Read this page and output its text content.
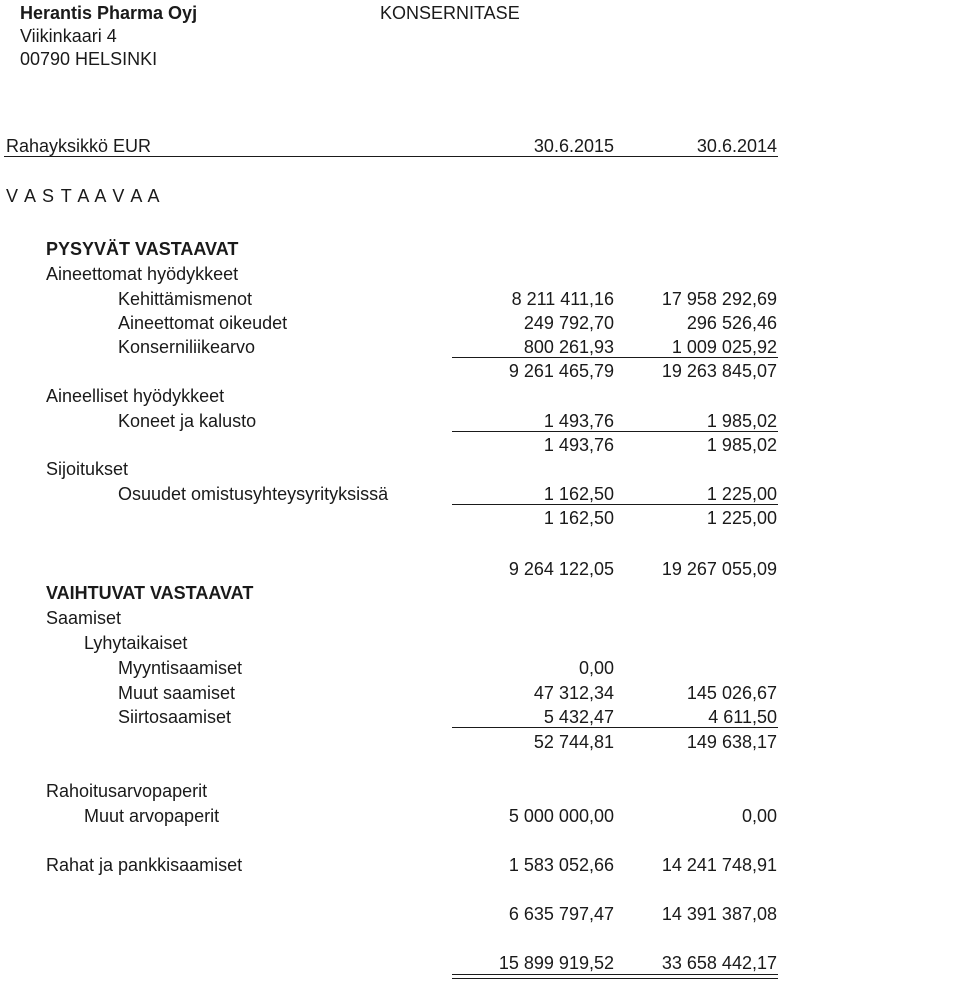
Herantis Pharma Oyj
Viikinkaari 4
00790 HELSINKI
KONSERNITASE
Rahayksikkö EUR	30.6.2015	30.6.2014
V A S T A A V A A
PYSYVÄT VASTAAVAT
Aineettomat hyödykkeet
Kehittämismenot	8 211 411,16	17 958 292,69
Aineettomat oikeudet	249 792,70	296 526,46
Konserniliikearvo	800 261,93	1 009 025,92
9 261 465,79	19 263 845,07
Aineelliset hyödykkeet
Koneet ja kalusto	1 493,76	1 985,02
1 493,76	1 985,02
Sijoitukset
Osuudet omistusyhteysyrityksissä	1 162,50	1 225,00
1 162,50	1 225,00
9 264 122,05	19 267 055,09
VAIHTUVAT VASTAAVAT
Saamiset
Lyhytaikaiset
Myyntisaamiset	0,00
Muut saamiset	47 312,34	145 026,67
Siirtosaamiset	5 432,47	4 611,50
52 744,81	149 638,17
Rahoitusarvopaperit
Muut arvopaperit	5 000 000,00	0,00
Rahat ja pankkisaamiset	1 583 052,66	14 241 748,91
6 635 797,47	14 391 387,08
15 899 919,52	33 658 442,17
